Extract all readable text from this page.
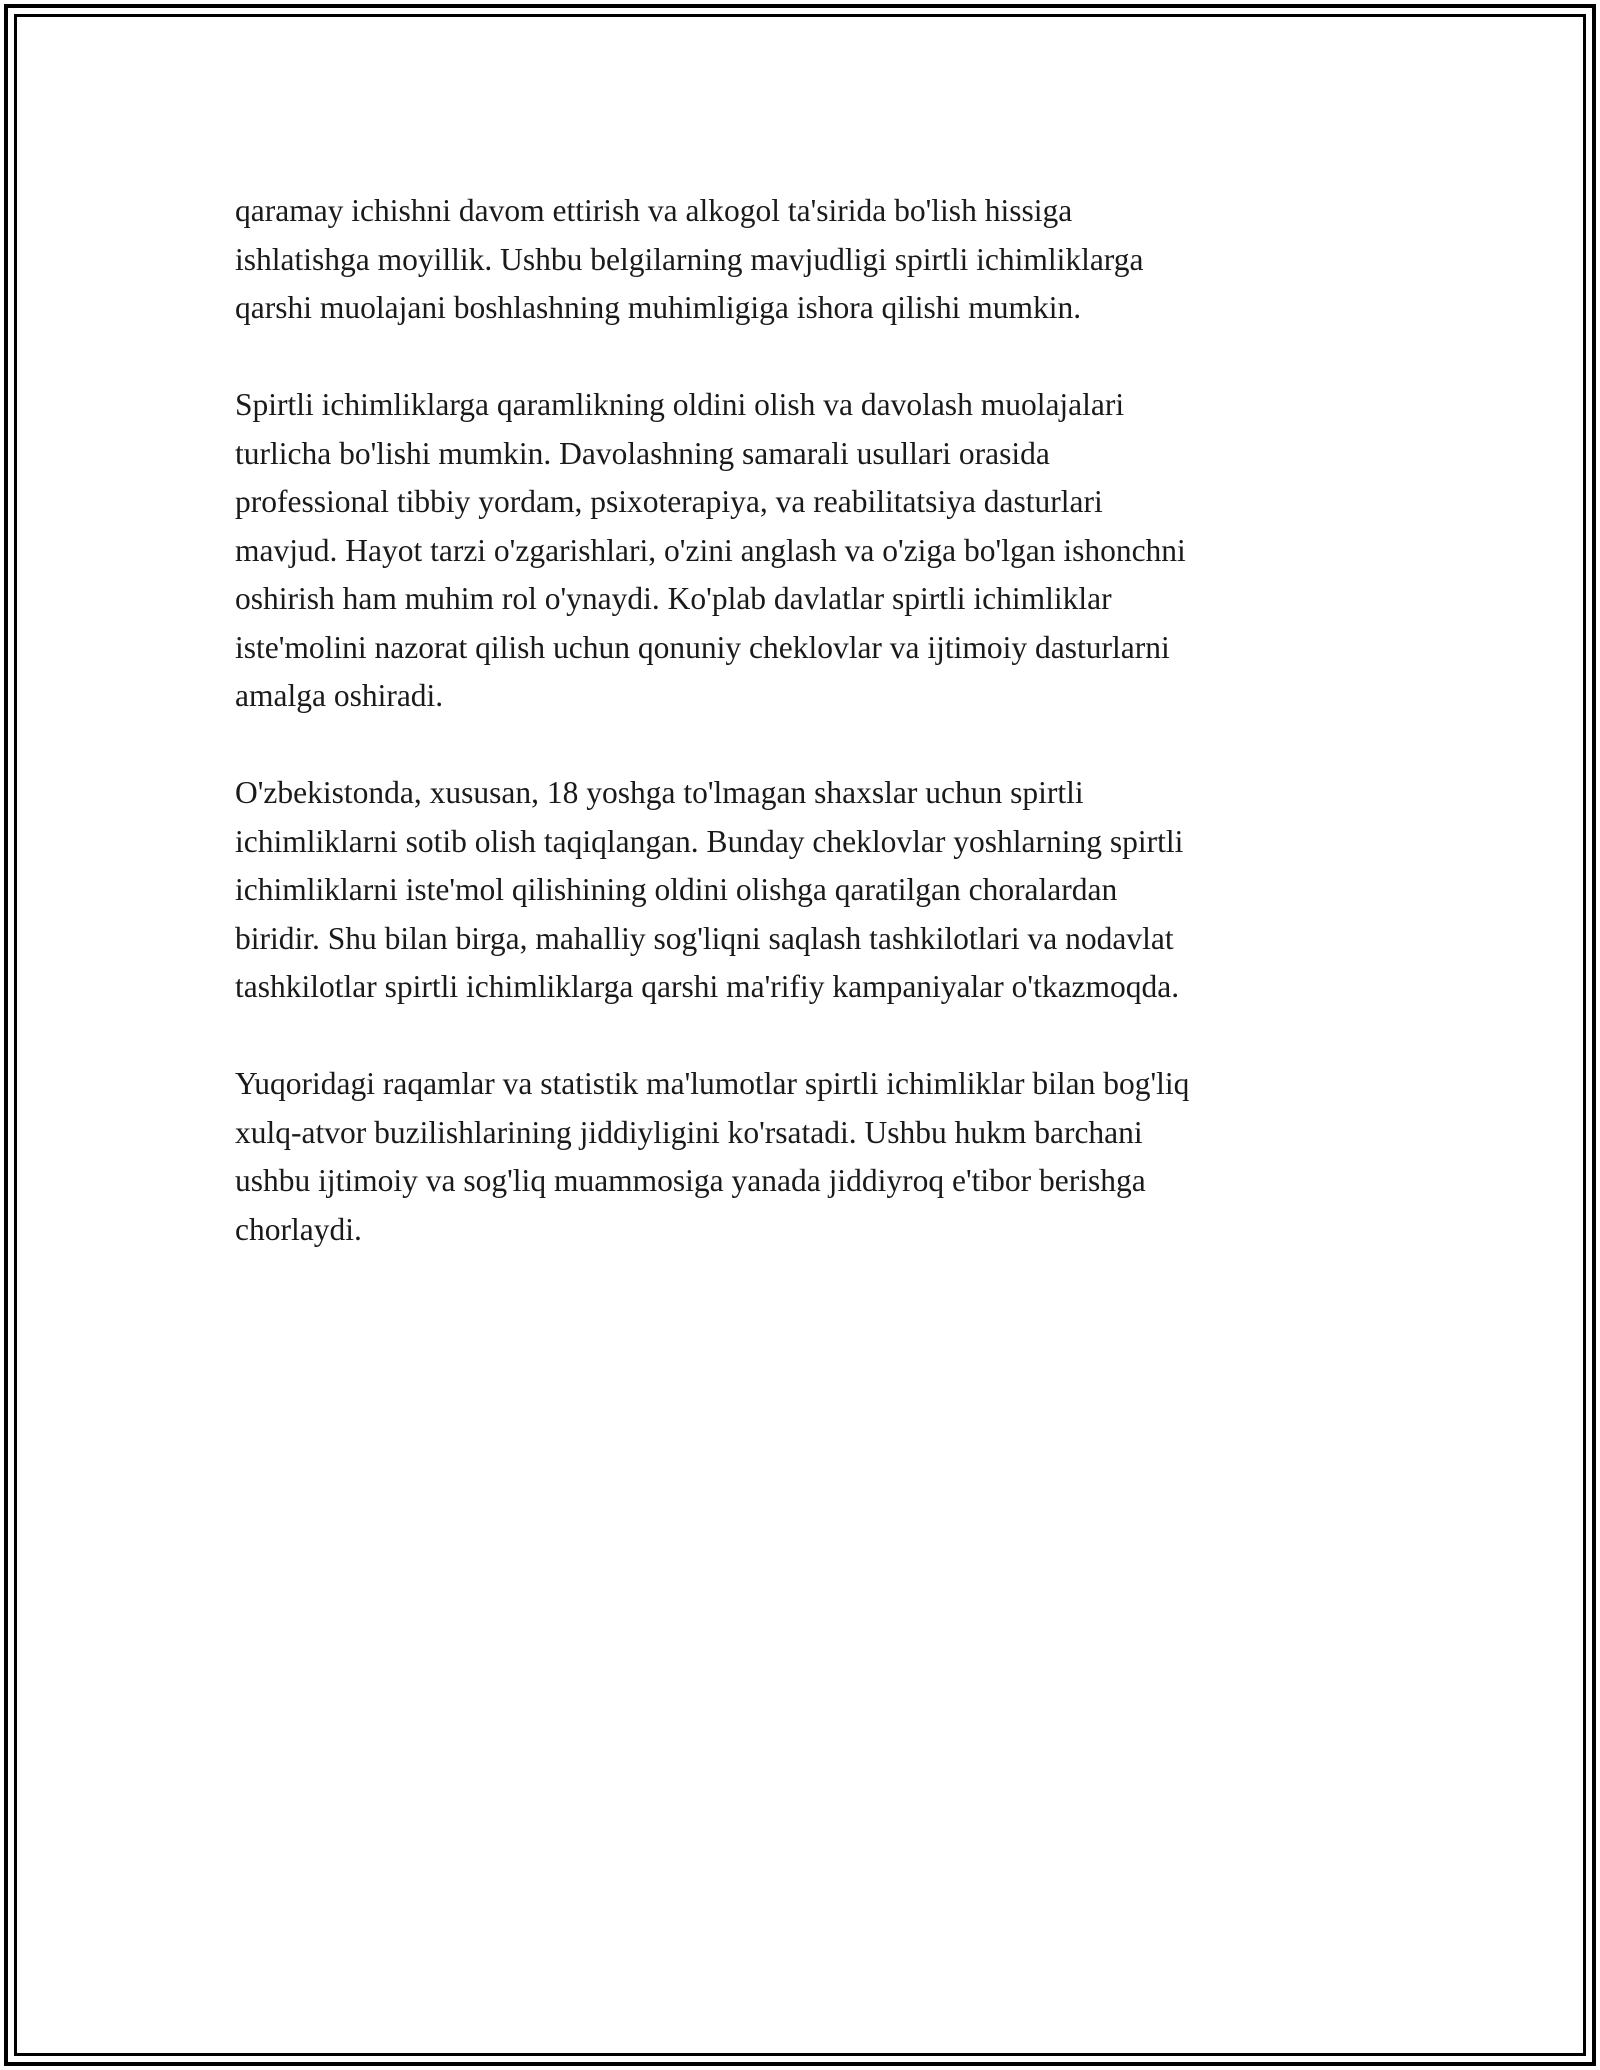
qaramay ichishni davom ettirish va alkogol ta'sirida bo'lish hissiga
ishlatishga moyillik. Ushbu belgilarning mavjudligi spirtli ichimliklarga
qarshi muolajani boshlashning muhimligiga ishora qilishi mumkin.

Spirtli ichimliklarga qaramlikning oldini olish va davolash muolajalari
turlicha bo'lishi mumkin. Davolashning samarali usullari orasida
professional tibbiy yordam, psixoterapiya, va reabilitatsiya dasturlari
mavjud. Hayot tarzi o'zgarishlari, o'zini anglash va o'ziga bo'lgan ishonchni
oshirish ham muhim rol o'ynaydi. Ko'plab davlatlar spirtli ichimliklar
iste'molini nazorat qilish uchun qonuniy cheklovlar va ijtimoiy dasturlarni
amalga oshiradi.

O'zbekistonda, xususan, 18 yoshga to'lmagan shaxslar uchun spirtli
ichimliklarni sotib olish taqiqlangan. Bunday cheklovlar yoshlarning spirtli
ichimliklarni iste'mol qilishining oldini olishga qaratilgan choralardan
biridir. Shu bilan birga, mahalliy sog'liqni saqlash tashkilotlari va nodavlat
tashkilotlar spirtli ichimliklarga qarshi ma'rifiy kampaniyalar o'tkazmoqda.

Yuqoridagi raqamlar va statistik ma'lumotlar spirtli ichimliklar bilan bog'liq
xulq-atvor buzilishlarining jiddiyligini ko'rsatadi. Ushbu hukm barchani
ushbu ijtimoiy va sog'liq muammosiga yanada jiddiyroq e'tibor berishga
chorlaydi.
